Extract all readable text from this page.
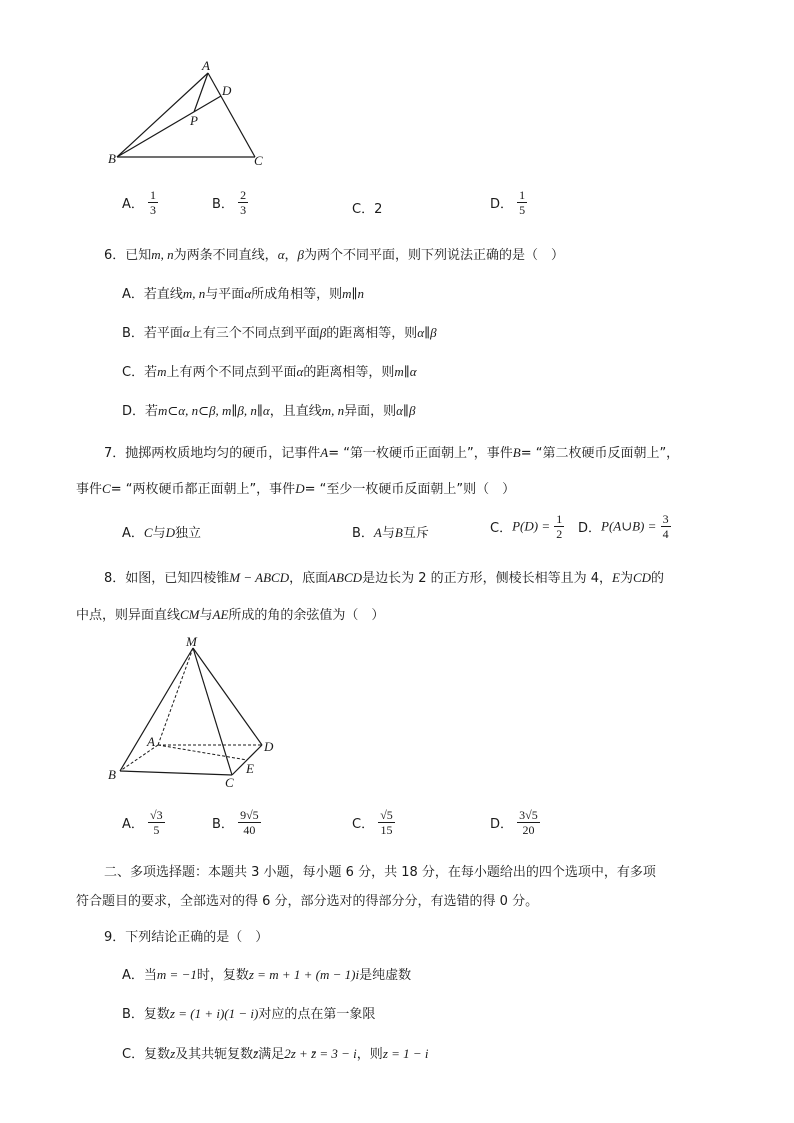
A
D
P
B	C
A． $\frac{1}{3}$	B． $\frac{2}{3}$	C．2	D． $\frac{1}{5}$
6．已知m, n为两条不同直线，α，β为两个不同平面，则下列说法正确的是（　）
A．若直线m, n与平面α所成角相等，则m∥n
B．若平面α上有三个不同点到平面β的距离相等，则α∥β
C．若m上有两个不同点到平面α的距离相等，则m∥α
D．若m⊂α, n⊂β, m∥β, n∥α，且直线m, n异面，则α∥β
7．抛掷两枚质地均匀的硬币，记事件A= “第一枚硬币正面朝上”，事件B= “第二枚硬币反面朝上”，
事件C= “两枚硬币都正面朝上”，事件D= “至少一枚硬币反面朝上”则（　）
A．C与D独立	B．A与B互斥	C．$P(D) = \frac{1}{2}$ D．P(A∪B) = $\frac{3}{4}$
8．如图，已知四棱锥M − ABCD，底面ABCD是边长为 2 的正方形，侧棱长相等且为 4，E为CD的
中点，则异面直线CM与AE所成的角的余弦值为（　）
M
A	D
E
B
C
A． $\frac{√3}{5}$	B． $\frac{9√5}{40}$	C． $\frac{√5}{15}$	D． $\frac{3√5}{20}$
二、多项选择题：本题共 3 小题，每小题 6 分，共 18 分，在每小题给出的四个选项中，有多项
符合题目的要求，全部选对的得 6 分，部分选对的得部分分，有选错的得 0 分。
9．下列结论正确的是（　）
A．当m = −1时，复数z = m + 1 + (m − 1)i是纯虚数
B．复数z = (1 + i)(1 − i)对应的点在第一象限
C．复数z及其共轭复数z̄满足2z + z̄ = 3 − i，则z = 1 − i
